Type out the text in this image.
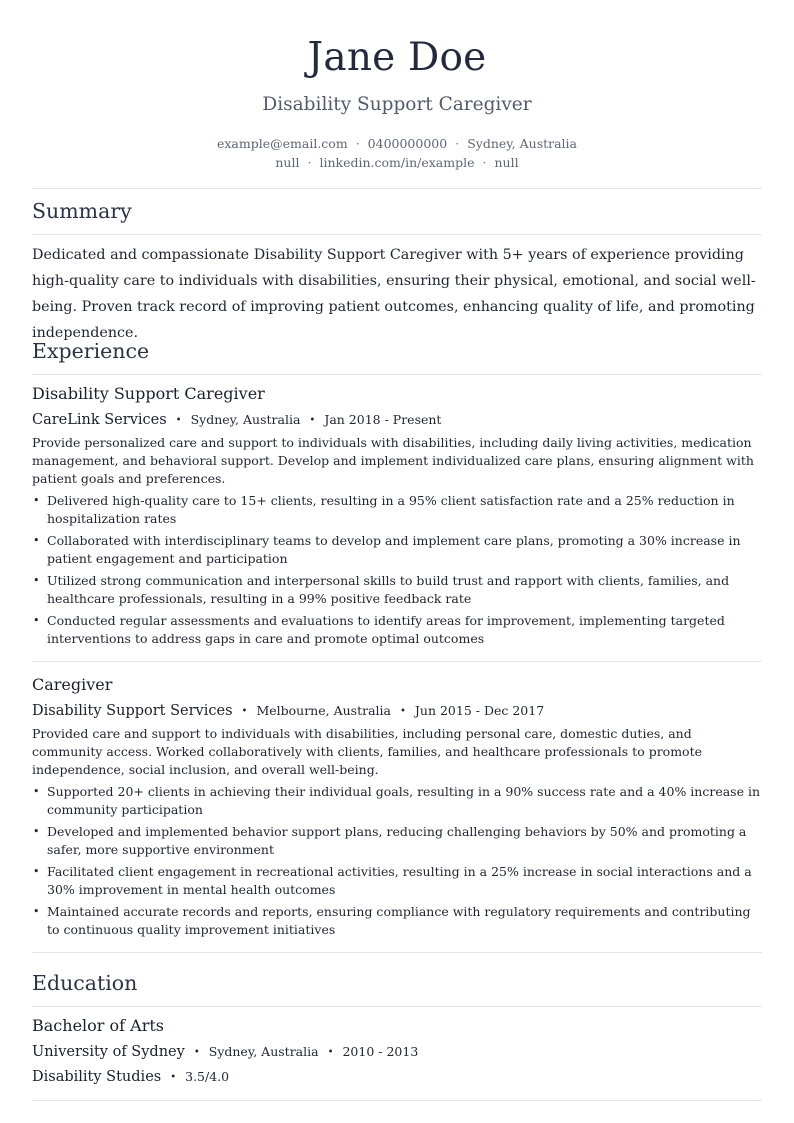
Jane Doe
Disability Support Caregiver
example@email.com · 0400000000 · Sydney, Australia
null · linkedin.com/in/example · null
Summary
Dedicated and compassionate Disability Support Caregiver with 5+ years of experience providing high-quality care to individuals with disabilities, ensuring their physical, emotional, and social well-being. Proven track record of improving patient outcomes, enhancing quality of life, and promoting independence.
Experience
Disability Support Caregiver
CareLink Services • Sydney, Australia • Jan 2018 - Present
Provide personalized care and support to individuals with disabilities, including daily living activities, medication management, and behavioral support. Develop and implement individualized care plans, ensuring alignment with patient goals and preferences.
• Delivered high-quality care to 15+ clients, resulting in a 95% client satisfaction rate and a 25% reduction in hospitalization rates
• Collaborated with interdisciplinary teams to develop and implement care plans, promoting a 30% increase in patient engagement and participation
• Utilized strong communication and interpersonal skills to build trust and rapport with clients, families, and healthcare professionals, resulting in a 99% positive feedback rate
• Conducted regular assessments and evaluations to identify areas for improvement, implementing targeted interventions to address gaps in care and promote optimal outcomes
Caregiver
Disability Support Services • Melbourne, Australia • Jun 2015 - Dec 2017
Provided care and support to individuals with disabilities, including personal care, domestic duties, and community access. Worked collaboratively with clients, families, and healthcare professionals to promote independence, social inclusion, and overall well-being.
• Supported 20+ clients in achieving their individual goals, resulting in a 90% success rate and a 40% increase in community participation
• Developed and implemented behavior support plans, reducing challenging behaviors by 50% and promoting a safer, more supportive environment
• Facilitated client engagement in recreational activities, resulting in a 25% increase in social interactions and a 30% improvement in mental health outcomes
• Maintained accurate records and reports, ensuring compliance with regulatory requirements and contributing to continuous quality improvement initiatives
Education
Bachelor of Arts
University of Sydney • Sydney, Australia • 2010 - 2013
Disability Studies • 3.5/4.0
